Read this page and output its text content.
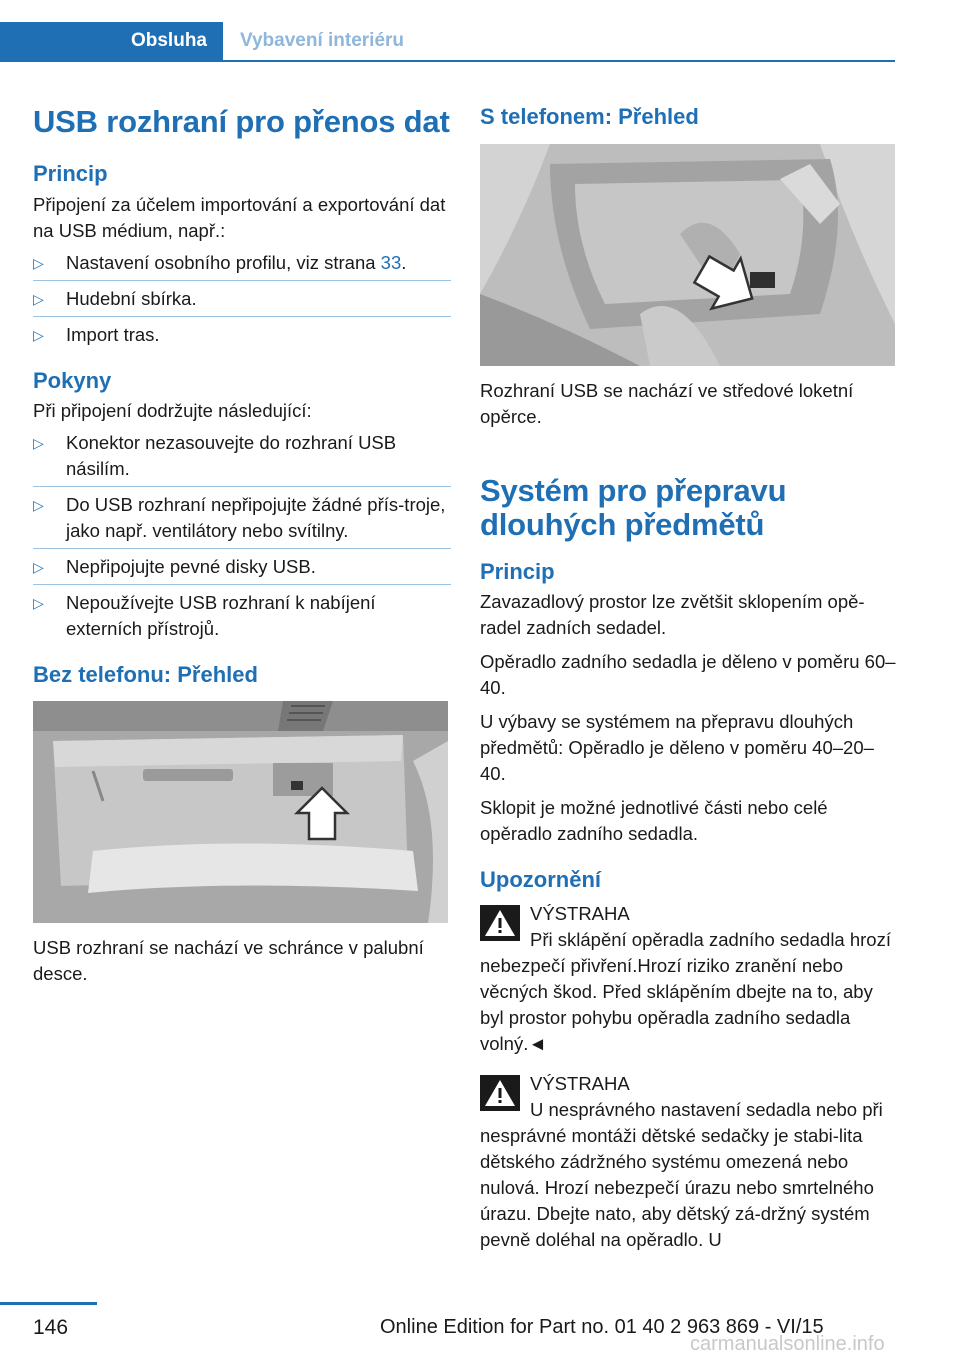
Obsluha	Vybavení interiéru
USB rozhraní pro přenos dat
Princip

Připojení za účelem importování a exportování dat na USB médium, např.:

▷ Nastavení osobního profilu, viz strana 33.
▷ Hudební sbírka.
▷ Import tras.
Pokyny

Při připojení dodržujte následující:

▷ Konektor nezasouvejte do rozhraní USB násilím.
▷ Do USB rozhraní nepřipojujte žádné přís‐troje, jako např. ventilátory nebo svítilny.
▷ Nepřipojujte pevné disky USB.
▷ Nepoužívejte USB rozhraní k nabíjení externích přístrojů.
Bez telefonu: Přehled

USB rozhraní se nachází ve schránce v palubní desce.

S telefonem: Přehled

Rozhraní USB se nachází ve středové loketní opěrce.

Systém pro přepravu dlouhých předmětů
Princip

Zavazadlový prostor lze zvětšit sklopením opě‐radel zadních sedadel.

Opěradlo zadního sedadla je děleno v poměru 60–40.

U výbavy se systémem na přepravu dlouhých předmětů: Opěradlo je děleno v poměru 40–20–40.

Sklopit je možné jednotlivé části nebo celé opěradlo zadního sedadla.

Upozornění

VÝSTRAHA

Při sklápění opěradla zadního sedadla hrozí nebezpečí přivření.Hrozí riziko zranění nebo věcných škod. Před sklápěním dbejte na to, aby byl prostor pohybu opěradla zadního sedadla volný.◄

VÝSTRAHA

U nesprávného nastavení sedadla nebo při nesprávné montáži dětské sedačky je stabi‐lita dětského zádržného systému omezená nebo nulová. Hrozí nebezpečí úrazu nebo smrtelného úrazu. Dbejte nato, aby dětský zá‐držný systém pevně doléhal na opěradlo. U

146	Online Edition for Part no. 01 40 2 963 869 - VI/15
carmanualsonline.info
